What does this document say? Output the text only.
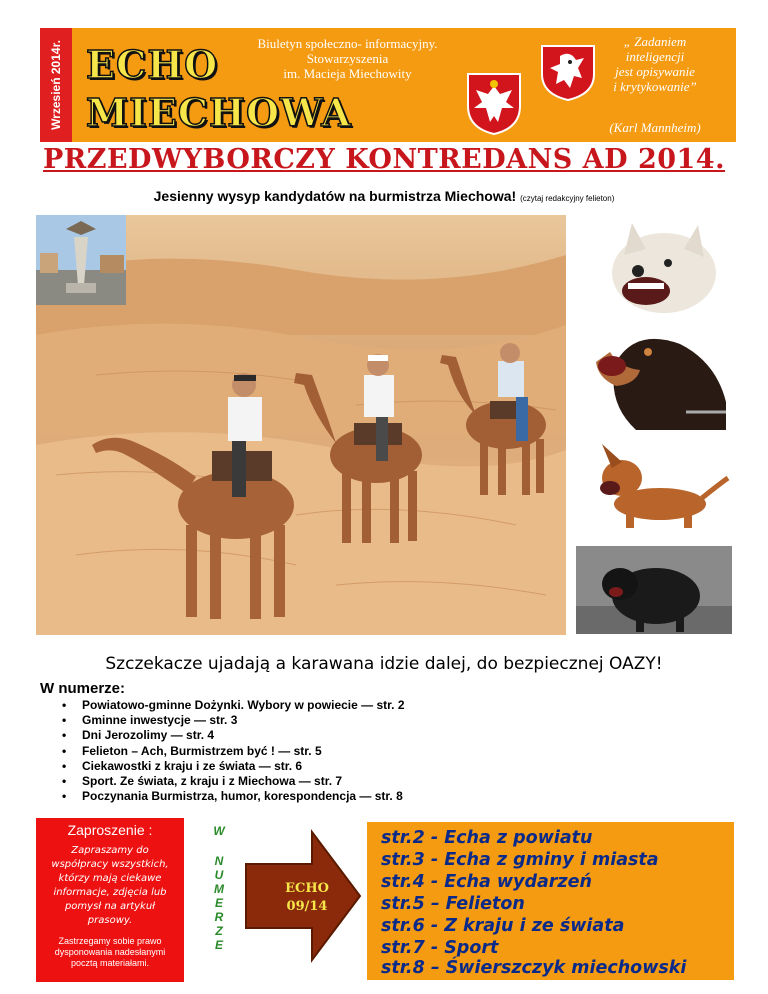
Wrzesień 2014r. ECHO
MIECHOWA
Biuletyn społeczno- informacyjny.
Stowarzyszenia
im. Macieja Miechowity
„ Zadaniem
inteligencji
jest opisywanie
i krytykowanie”
(Karl Mannheim)
PRZEDWYBORCZY KONTREDANS AD 2014.
Jesienny wysyp kandydatów na burmistrza Miechowa! (czytaj redakcyjny felieton)
Szczekacze ujadają a karawana idzie dalej, do bezpiecznej OAZY!
W numerze:
• Powiatowo-gminne Dożynki. Wybory w powiecie — str. 2
• Gminne inwestycje — str. 3
• Dni Jerozolimy — str. 4
• Felieton – Ach, Burmistrzem być ! — str. 5
• Ciekawostki z kraju i ze świata — str. 6
• Sport. Ze świata, z kraju i z Miechowa — str. 7
• Poczynania Burmistrza, humor, korespondencja — str. 8
Zaproszenie :
Zapraszamy do
współpracy wszystkich,
którzy mają ciekawe
informacje, zdjęcia lub
pomysł na artykuł
prasowy.
Zastrzegamy sobie prawo
dysponowania nadesłanymi
pocztą materiałami.
W
N
U
M
E
R
Z
E
ECHO
09/14
str.2 - Echa z powiatu
str.3 - Echa z gminy i miasta
str.4 - Echa wydarzeń
str.5 – Felieton
str.6 - Z kraju i ze świata
str.7 - Sport
str.8 – Świerszczyk miechowski
